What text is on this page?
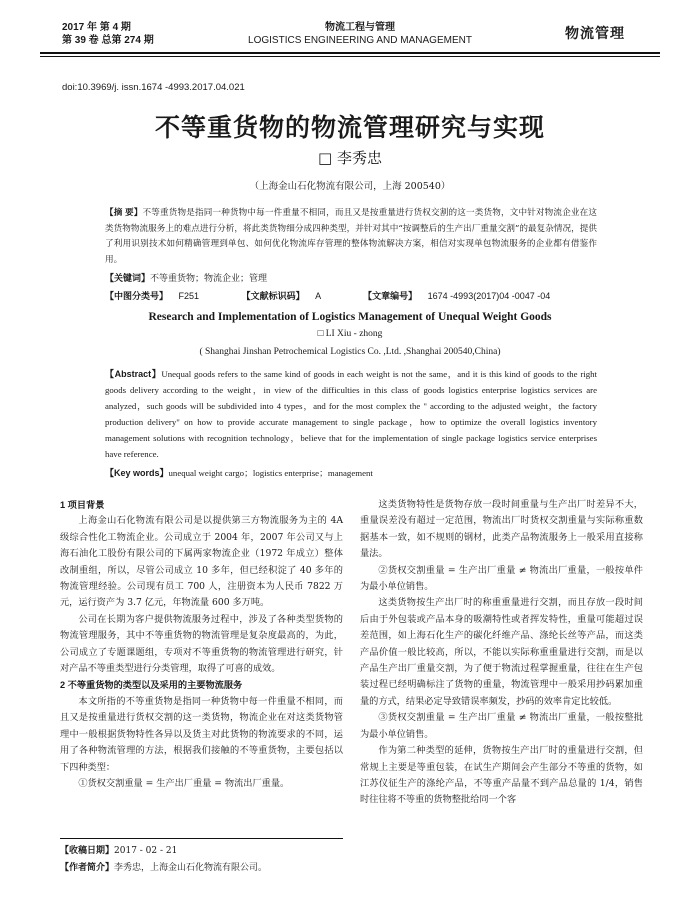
2017 年 第 4 期
第 39 卷 总第 274 期
物流工程与管理
LOGISTICS ENGINEERING AND MANAGEMENT	物流管理
doi:10.3969/j. issn.1674 -4993.2017.04.021
不等重货物的物流管理研究与实现
□ 李秀忠
（上海金山石化物流有限公司，上海 200540）
【摘 要】不等重货物是指同一种货物中每一件重量不相同，而且又是按重量进行货权交割的这一类货物，文中针对物流企业在这类货物物流服务上的难点进行分析，将此类货物细分成四种类型，并针对其中“按调整后的生产出厂重量交割”的最复杂情况，提供了利用识别技术如何精确管理到单包、如何优化物流库存管理的整体物流解决方案，相信对实现单包物流服务的企业都有借鉴作用。
【关键词】不等重货物；物流企业；管理
【中图分类号】 F251	【文献标识码】 A	【文章编号】 1674 -4993(2017)04 -0047 -04
Research and Implementation of Logistics Management of Unequal Weight Goods
□ LI Xiu - zhong
( Shanghai Jinshan Petrochemical Logistics Co. ,Ltd. ,Shanghai 200540,China)
【Abstract】Unequal goods refers to the same kind of goods in each weight is not the same，and it is this kind of goods to the right goods delivery according to the weight，in view of the difficulties in this class of goods logistics enterprise logistics services are analyzed，such goods will be subdivided into 4 types，and for the most complex the " according to the adjusted weight，the factory production delivery" on how to provide accurate management to single package，how to optimize the overall logistics inventory management solutions with recognition technology，believe that for the implementation of single package logistics service enterprises have reference.
【Key words】unequal weight cargo；logistics enterprise；management

1 项目背景

上海金山石化物流有限公司是以提供第三方物流服务为主的 4A 级综合性化工物流企业。公司成立于 2004 年，2007 年公司又与上海石油化工股份有限公司的下属两家物流企业（1972 年成立）整体改制重组，所以，尽管公司成立 10 多年，但已经积淀了 40 多年的物流管理经验。公司现有员工 700 人，注册资本为人民币 7822 万元，运行资产为 3.7 亿元，年物流量 600 多万吨。

公司在长期为客户提供物流服务过程中，涉及了各种类型货物的物流管理服务，其中不等重货物的物流管理是复杂度最高的，为此，公司成立了专题课题组，专项对不等重货物的物流管理进行研究，针对产品不等重类型进行分类管理，取得了可喜的成效。

2 不等重货物的类型以及采用的主要物流服务

本文所指的不等重货物是指同一种货物中每一件重量不相同，而且又是按重量进行货权交割的这一类货物，物流企业在对这类货物管理中一般根据货物特性各异以及货主对此货物的物流要求的不同，运用了各种物流管理的方法，根据我们接触的不等重货物，主要包括以下四种类型：

①货权交割重量 = 生产出厂重量 = 物流出厂重量。

这类货物特性是货物存放一段时间重量与生产出厂时差异不大，重量误差没有超过一定范围，物流出厂时货权交割重量与实际称重数据基本一致，如不规则的钢材，此类产品物流服务上一般采用直接称量法。

②货权交割重量 = 生产出厂重量 ≠ 物流出厂重量，一般按单件为最小单位销售。

这类货物按生产出厂时的称重重量进行交割，而且存放一段时间后由于外包装或产品本身的吸潮特性或者挥发特性，重量可能超过误差范围，如上海石化生产的碳化纤维产品、涤纶长丝等产品，而这类产品价值一般比较高，所以，不能以实际称重重量进行交割，而是以产品生产出厂重量交割，为了便于物流过程掌握重量，往往在生产包装过程已经明确标注了货物的重量，物流管理中一般采用抄码累加重量的方式，结果必定导致错误率频发，抄码的效率肯定比较低。

③货权交割重量 = 生产出厂重量 ≠ 物流出厂重量，一般按整批为最小单位销售。

作为第二种类型的延伸，货物按生产出厂时的重量进行交割，但常规上主要是等重包装，在试生产期间会产生部分不等重的货物，如江苏仪征生产的涤纶产品，不等重产品量不到产品总量的 1/4，销售时往往将不等重的货物整批给同一个客

【收稿日期】2017 - 02 - 21
【作者简介】李秀忠，上海金山石化物流有限公司。
